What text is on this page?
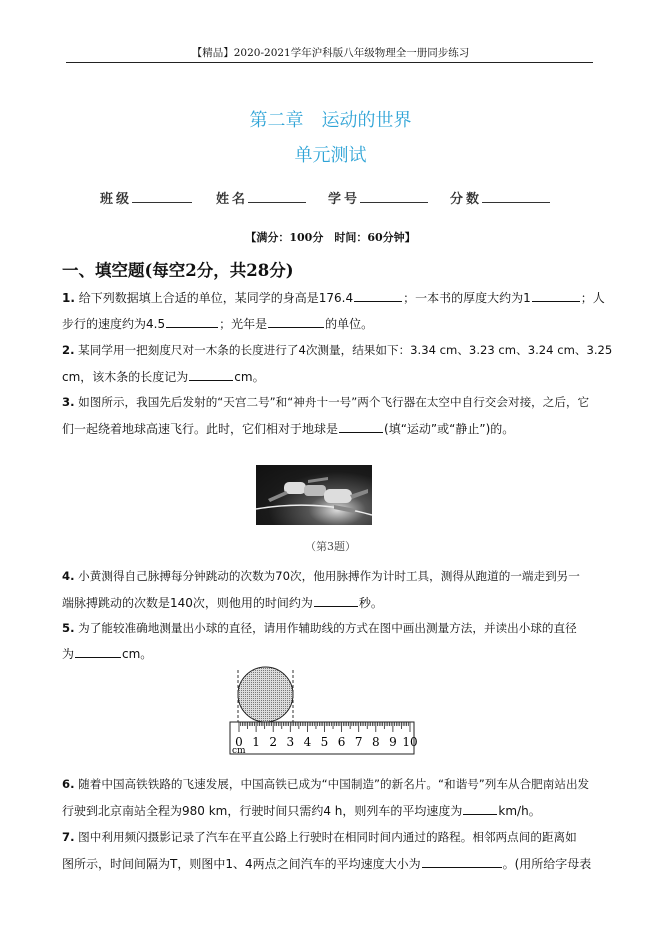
【精品】2020-2021学年沪科版八年级物理全一册同步练习
第二章　运动的世界
单元测试
班级	姓名	学号	分数
【满分：100分　时间：60分钟】
一、填空题(每空2分，共28分)
1. 给下列数据填上合适的单位，某同学的身高是176.4	；一本书的厚度大约为1	；人
步行的速度约为4.5	；光年是	的单位。
2. 某同学用一把刻度尺对一木条的长度进行了4次测量，结果如下：3.34 cm、3.23 cm、3.24 cm、3.25
cm，该木条的长度记为	cm。
3. 如图所示，我国先后发射的“天宫二号”和“神舟十一号”两个飞行器在太空中自行交会对接，之后，它
们一起绕着地球高速飞行。此时，它们相对于地球是	(填“运动”或“静止”)的。
（第3题）
4. 小黄测得自己脉搏每分钟跳动的次数为70次，他用脉搏作为计时工具，测得从跑道的一端走到另一
端脉搏跳动的次数是140次，则他用的时间约为	秒。
5. 为了能较准确地测量出小球的直径，请用作辅助线的方式在图中画出测量方法，并读出小球的直径
为	cm。
0 1 2 3 4 5 6 7 8 9 10
cm
6. 随着中国高铁铁路的飞速发展，中国高铁已成为“中国制造”的新名片。“和谐号”列车从合肥南站出发
行驶到北京南站全程为980 km，行驶时间只需约4 h，则列车的平均速度为	km/h。
7. 图中利用频闪摄影记录了汽车在平直公路上行驶时在相同时间内通过的路程。相邻两点间的距离如
图所示，时间间隔为T，则图中1、4两点之间汽车的平均速度大小为	。(用所给字母表
